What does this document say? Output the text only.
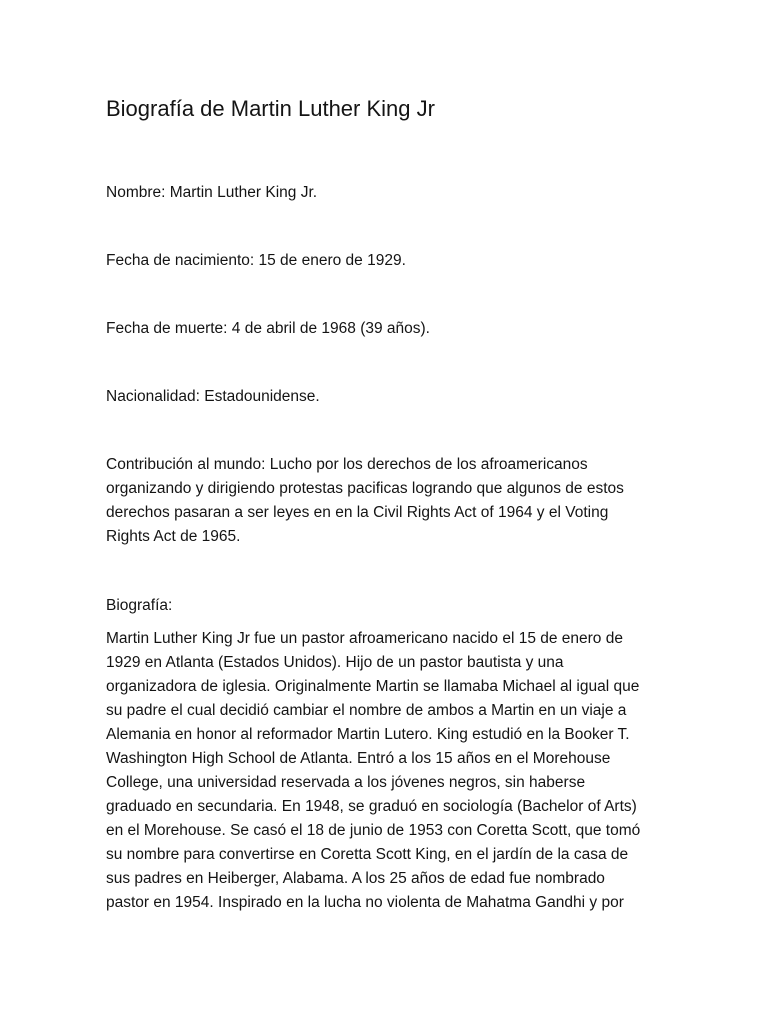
Biografía de Martin Luther King Jr

Nombre: Martin Luther King Jr.

Fecha de nacimiento: 15 de enero de 1929.

Fecha de muerte: 4 de abril de 1968 (39 años).

Nacionalidad: Estadounidense.

Contribución al mundo: Lucho por los derechos de los afroamericanos
organizando y dirigiendo protestas pacificas logrando que algunos de estos
derechos pasaran a ser leyes en en la Civil Rights Act of 1964 y el Voting
Rights Act de 1965.

Biografía:

Martin Luther King Jr fue un pastor afroamericano nacido el 15 de enero de
1929 en Atlanta (Estados Unidos). Hijo de un pastor bautista y una
organizadora de iglesia. Originalmente Martin se llamaba Michael al igual que
su padre el cual decidió cambiar el nombre de ambos a Martin en un viaje a
Alemania en honor al reformador Martin Lutero. King estudió en la Booker T.
Washington High School de Atlanta. Entró a los 15 años en el Morehouse
College, una universidad reservada a los jóvenes negros, sin haberse
graduado en secundaria. En 1948, se graduó en sociología (Bachelor of Arts)
en el Morehouse. Se casó el 18 de junio de 1953 con Coretta Scott, que tomó
su nombre para convertirse en Coretta Scott King, en el jardín de la casa de
sus padres en Heiberger, Alabama. A los 25 años de edad fue nombrado
pastor en 1954. Inspirado en la lucha no violenta de Mahatma Gandhi y por
